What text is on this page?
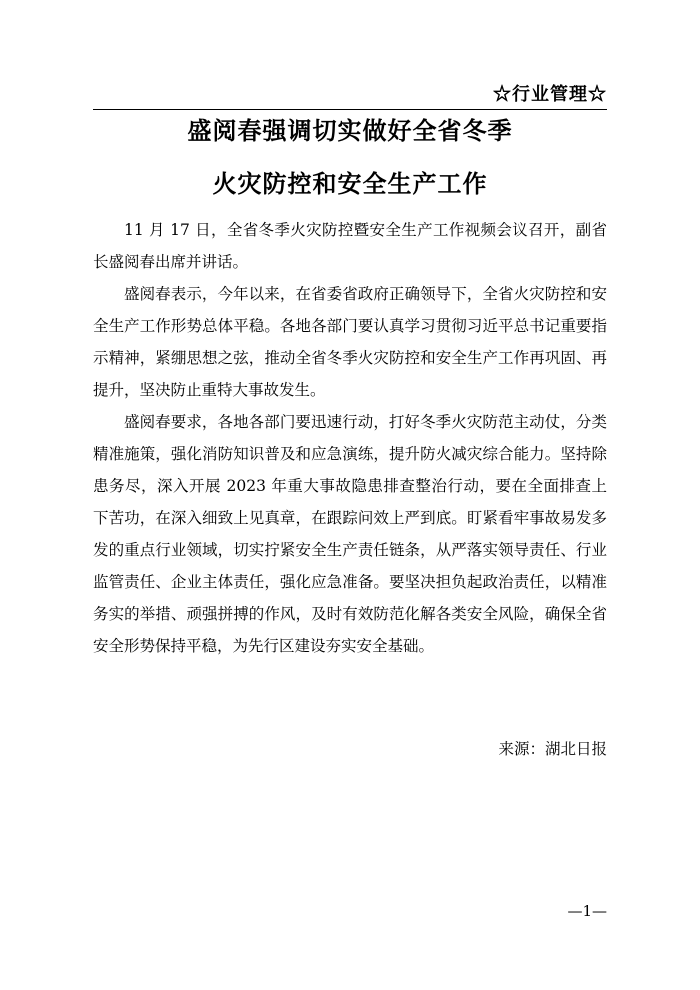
☆行业管理☆
盛阅春强调切实做好全省冬季
火灾防控和安全生产工作

11 月 17 日，全省冬季火灾防控暨安全生产工作视频会议召开，副省长盛阅春出席并讲话。

盛阅春表示，今年以来，在省委省政府正确领导下，全省火灾防控和安全生产工作形势总体平稳。各地各部门要认真学习贯彻习近平总书记重要指示精神，紧绷思想之弦，推动全省冬季火灾防控和安全生产工作再巩固、再提升，坚决防止重特大事故发生。

盛阅春要求，各地各部门要迅速行动，打好冬季火灾防范主动仗，分类精准施策，强化消防知识普及和应急演练，提升防火减灾综合能力。坚持除患务尽，深入开展 2023 年重大事故隐患排查整治行动，要在全面排查上下苦功，在深入细致上见真章，在跟踪问效上严到底。盯紧看牢事故易发多发的重点行业领域，切实拧紧安全生产责任链条，从严落实领导责任、行业监管责任、企业主体责任，强化应急准备。要坚决担负起政治责任，以精准务实的举措、顽强拼搏的作风，及时有效防范化解各类安全风险，确保全省安全形势保持平稳，为先行区建设夯实安全基础。

来源：湖北日报
—1—
